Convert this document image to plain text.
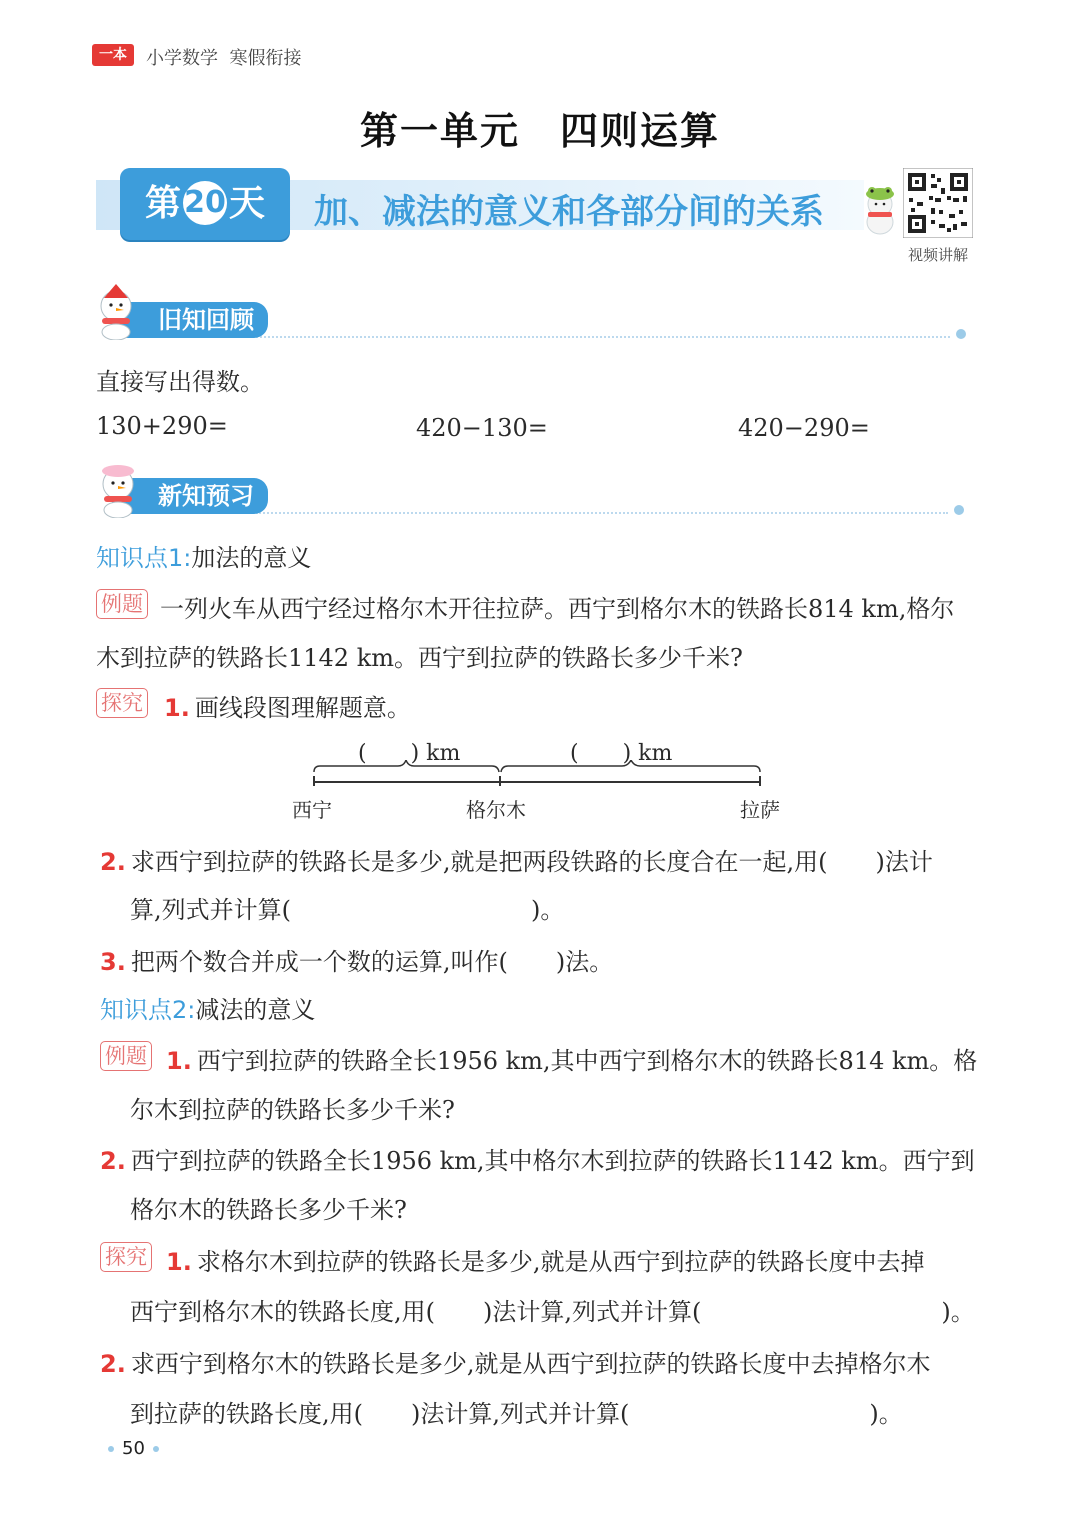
一本	小学数学 寒假衔接
第一单元　四则运算
第 20天	加、减法的意义和各部分间的关系
视频讲解
旧知回顾
直接写出得数。
130+290=	420−130=	420−290=
新知预习
知识点1:加法的意义
例题 一列火车从西宁经过格尔木开往拉萨。西宁到格尔木的铁路长814 km,格尔
木到拉萨的铁路长1142 km。西宁到拉萨的铁路长多少千米?
探究 1. 画线段图理解题意。
(　　) km	(　　) km
西宁	格尔木	拉萨
2. 求西宁到拉萨的铁路长是多少,就是把两段铁路的长度合在一起,用(　　)法计
算,列式并计算(　　　　　　　　　　)。
3. 把两个数合并成一个数的运算,叫作(　　)法。
知识点2:减法的意义
例题 1. 西宁到拉萨的铁路全长1956 km,其中西宁到格尔木的铁路长814 km。格
尔木到拉萨的铁路长多少千米?
2. 西宁到拉萨的铁路全长1956 km,其中格尔木到拉萨的铁路长1142 km。西宁到
格尔木的铁路长多少千米?
探究 1. 求格尔木到拉萨的铁路长是多少,就是从西宁到拉萨的铁路长度中去掉
西宁到格尔木的铁路长度,用(　　)法计算,列式并计算(　　　　　　　　　　)。
2. 求西宁到格尔木的铁路长是多少,就是从西宁到拉萨的铁路长度中去掉格尔木
到拉萨的铁路长度,用(　　)法计算,列式并计算(　　　　　　　　　　)。
50
